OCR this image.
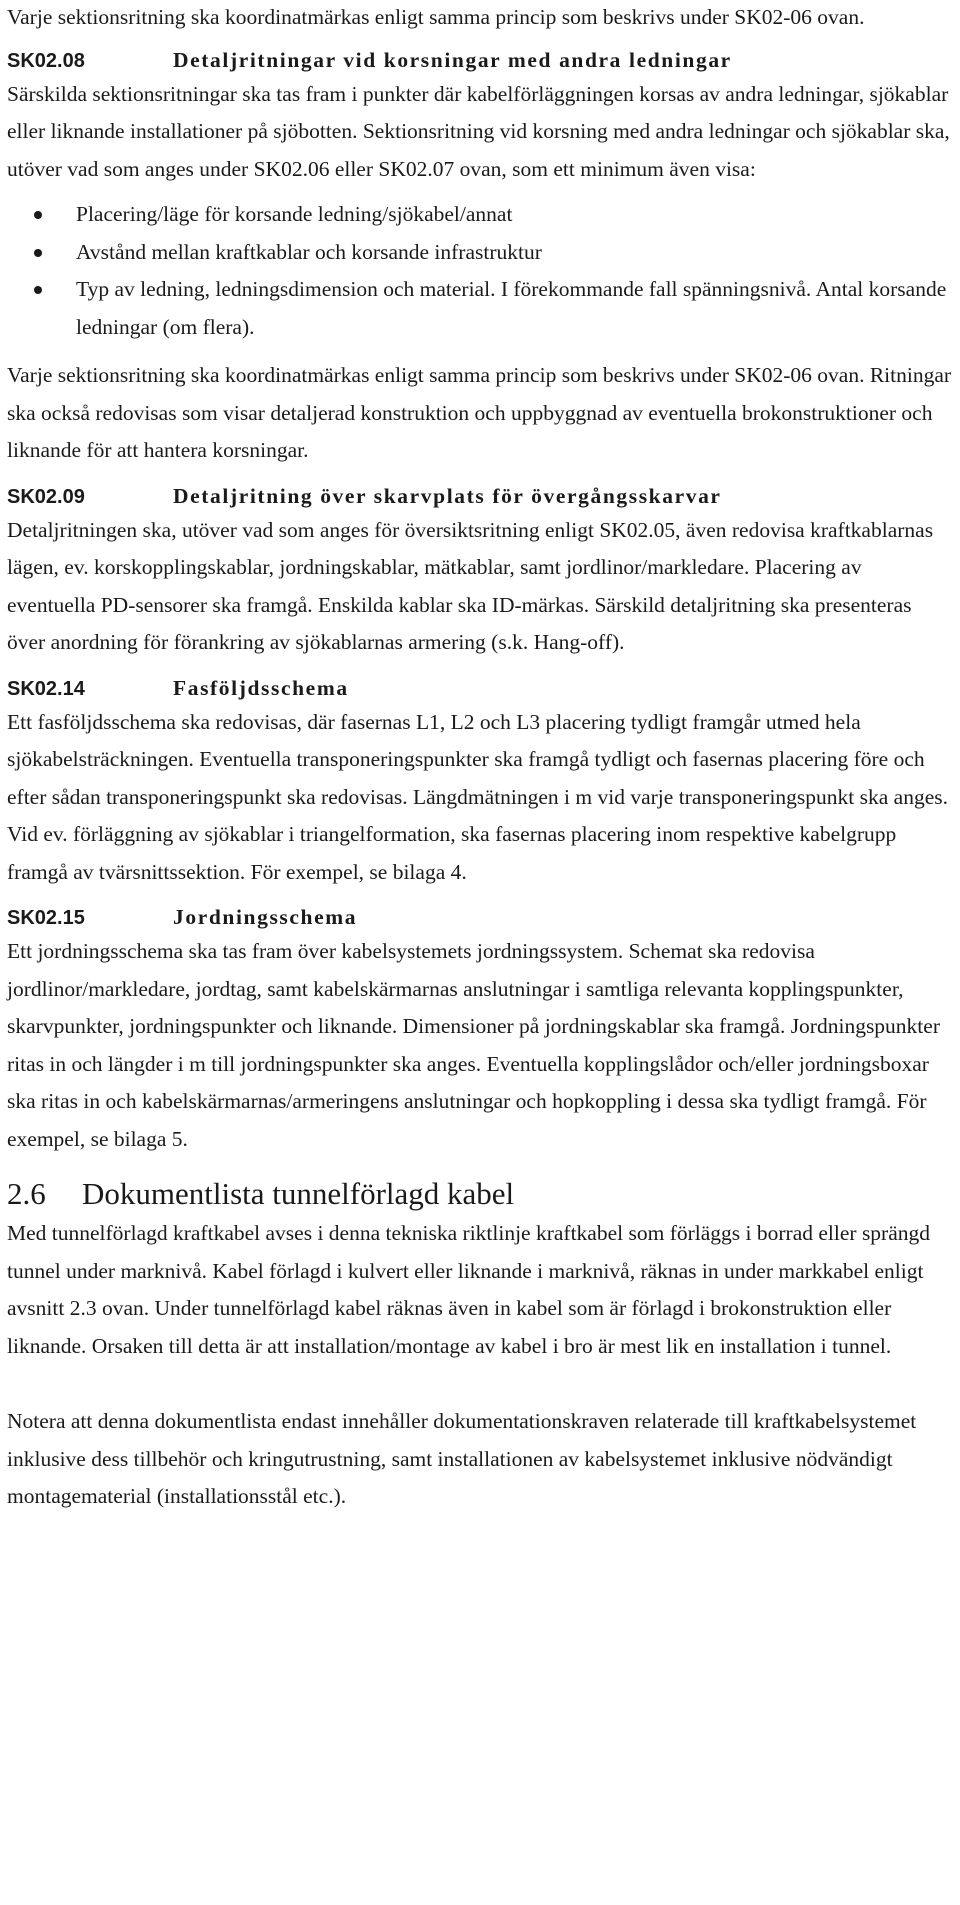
Varje sektionsritning ska koordinatmärkas enligt samma princip som beskrivs under SK02-06 ovan.

SK02.08	Detaljritningar vid korsningar med andra ledningar

Särskilda sektionsritningar ska tas fram i punkter där kabelförläggningen korsas av andra ledningar, sjökablar eller liknande installationer på sjöbotten. Sektionsritning vid korsning med andra ledningar och sjökablar ska, utöver vad som anges under SK02.06 eller SK02.07 ovan, som ett minimum även visa:

Placering/läge för korsande ledning/sjökabel/annat
Avstånd mellan kraftkablar och korsande infrastruktur
Typ av ledning, ledningsdimension och material. I förekommande fall spänningsnivå. Antal korsande ledningar (om flera).

Varje sektionsritning ska koordinatmärkas enligt samma princip som beskrivs under SK02-06 ovan. Ritningar ska också redovisas som visar detaljerad konstruktion och uppbyggnad av eventuella brokonstruktioner och liknande för att hantera korsningar.

SK02.09	Detaljritning över skarvplats för övergångsskarvar

Detaljritningen ska, utöver vad som anges för översiktsritning enligt SK02.05, även redovisa kraftkablarnas lägen, ev. korskopplingskablar, jordningskablar, mätkablar, samt jordlinor/markledare. Placering av eventuella PD-sensorer ska framgå. Enskilda kablar ska ID-märkas. Särskild detaljritning ska presenteras över anordning för förankring av sjökablarnas armering (s.k. Hang-off).

SK02.14	Fasföljdsschema

Ett fasföljdsschema ska redovisas, där fasernas L1, L2 och L3 placering tydligt framgår utmed hela sjökabelsträckningen. Eventuella transponeringspunkter ska framgå tydligt och fasernas placering före och efter sådan transponeringspunkt ska redovisas. Längdmätningen i m vid varje transponeringspunkt ska anges. Vid ev. förläggning av sjökablar i triangelformation, ska fasernas placering inom respektive kabelgrupp framgå av tvärsnittssektion. För exempel, se bilaga 4.

SK02.15	Jordningsschema

Ett jordningsschema ska tas fram över kabelsystemets jordningssystem. Schemat ska redovisa jordlinor/markledare, jordtag, samt kabelskärmarnas anslutningar i samtliga relevanta kopplingspunkter, skarvpunkter, jordningspunkter och liknande. Dimensioner på jordningskablar ska framgå. Jordningspunkter ritas in och längder i m till jordningspunkter ska anges. Eventuella kopplingslådor och/eller jordningsboxar ska ritas in och kabelskärmarnas/armeringens anslutningar och hopkoppling i dessa ska tydligt framgå. För exempel, se bilaga 5.

2.6	Dokumentlista tunnelförlagd kabel

Med tunnelförlagd kraftkabel avses i denna tekniska riktlinje kraftkabel som förläggs i borrad eller sprängd tunnel under marknivå. Kabel förlagd i kulvert eller liknande i marknivå, räknas in under markkabel enligt avsnitt 2.3 ovan. Under tunnelförlagd kabel räknas även in kabel som är förlagd i brokonstruktion eller liknande. Orsaken till detta är att installation/montage av kabel i bro är mest lik en installation i tunnel.

Notera att denna dokumentlista endast innehåller dokumentationskraven relaterade till kraftkabelsystemet inklusive dess tillbehör och kringutrustning, samt installationen av kabelsystemet inklusive nödvändigt montagematerial (installationsstål etc.).
